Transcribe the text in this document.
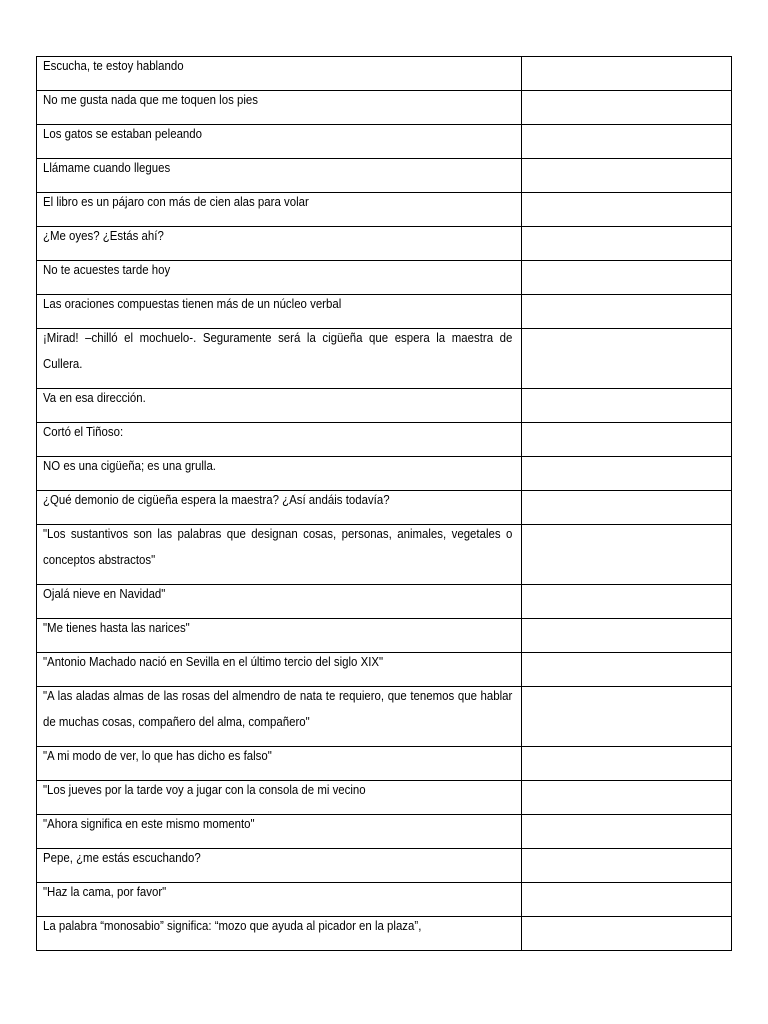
Escucha, te estoy hablando	

No me gusta nada que me toquen los pies	

Los gatos se estaban peleando	

Llámame cuando llegues	

El libro es un pájaro con más de cien alas para volar	

¿Me oyes? ¿Estás ahí?	

No te acuestes tarde hoy	

Las oraciones compuestas tienen más de un núcleo verbal	

¡Mirad! –chilló el mochuelo-. Seguramente será la cigüeña que espera la maestra de Cullera.	

Va en esa dirección.	

Cortó el Tiñoso:	

NO es una cigüeña; es una grulla.	

¿Qué demonio de cigüeña espera la maestra? ¿Así andáis todavía?	

"Los sustantivos son las palabras que designan cosas, personas, animales, vegetales o conceptos abstractos"	

Ojalá nieve en Navidad"	

"Me tienes hasta las narices"	

"Antonio Machado nació en Sevilla en el último tercio del siglo XIX"	

"A las aladas almas de las rosas del almendro de nata te requiero, que tenemos que hablar de muchas cosas, compañero del alma, compañero"	

"A mi modo de ver, lo que has dicho es falso"	

"Los jueves por la tarde voy a jugar con la consola de mi vecino	

"Ahora significa en este mismo momento"	

Pepe, ¿me estás escuchando?	

"Haz la cama, por favor"	

La palabra “monosabio” significa: “mozo que ayuda al picador en la plaza”,	
